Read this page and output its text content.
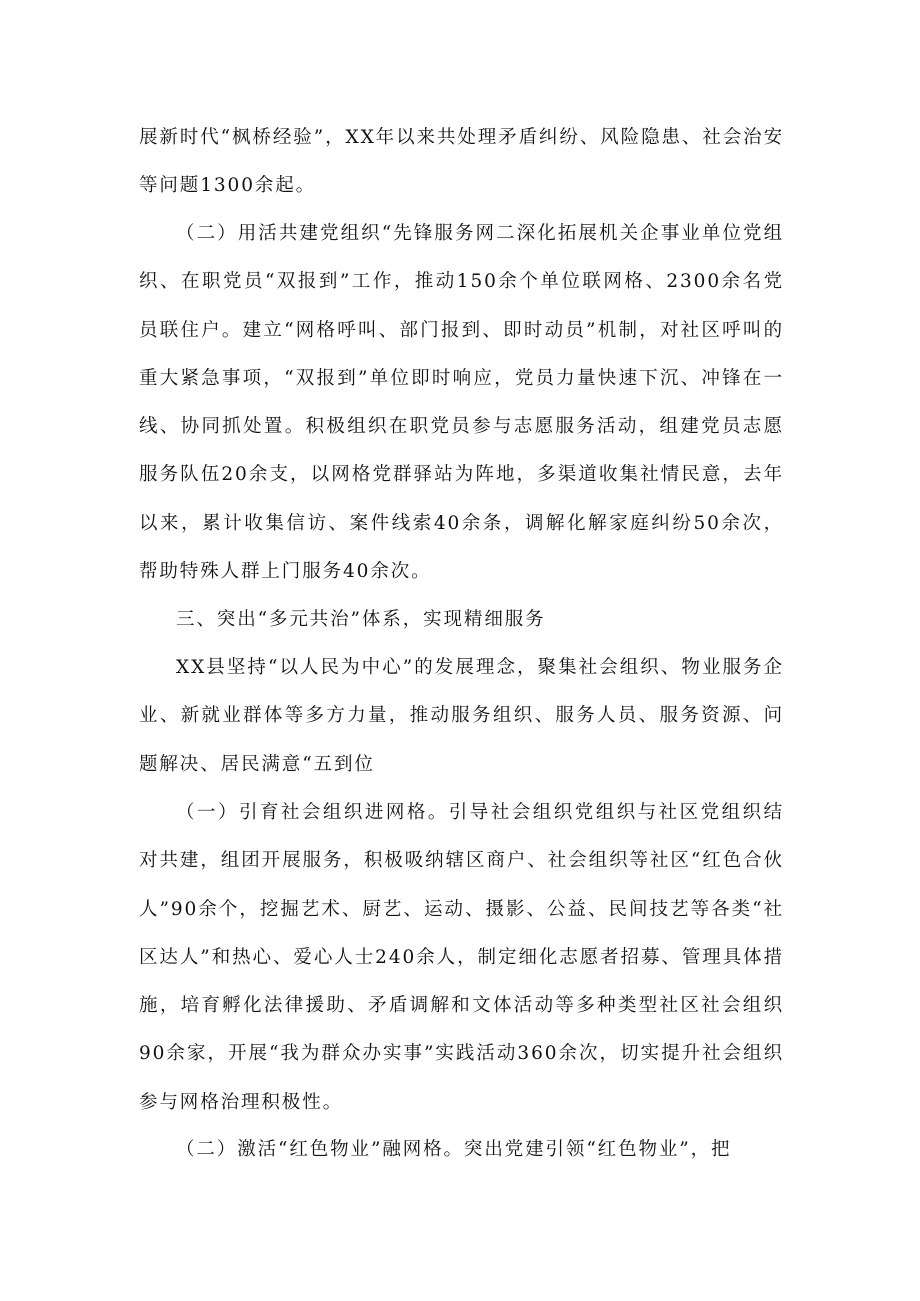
展新时代“枫桥经验”，XX年以来共处理矛盾纠纷、风险隐患、社会治安等问题1300余起。

（二）用活共建党组织“先锋服务网二深化拓展机关企事业单位党组织、在职党员“双报到”工作，推动150余个单位联网格、2300余名党员联住户。建立“网格呼叫、部门报到、即时动员”机制，对社区呼叫的重大紧急事项，“双报到”单位即时响应，党员力量快速下沉、冲锋在一线、协同抓处置。积极组织在职党员参与志愿服务活动，组建党员志愿服务队伍20余支，以网格党群驿站为阵地，多渠道收集社情民意，去年以来，累计收集信访、案件线索40余条，调解化解家庭纠纷50余次，帮助特殊人群上门服务40余次。

三、突出“多元共治”体系，实现精细服务

XX县坚持“以人民为中心”的发展理念，聚集社会组织、物业服务企业、新就业群体等多方力量，推动服务组织、服务人员、服务资源、问题解决、居民满意“五到位

（一）引育社会组织进网格。引导社会组织党组织与社区党组织结对共建，组团开展服务，积极吸纳辖区商户、社会组织等社区“红色合伙人”90余个，挖掘艺术、厨艺、运动、摄影、公益、民间技艺等各类“社区达人”和热心、爱心人士240余人，制定细化志愿者招募、管理具体措施，培育孵化法律援助、矛盾调解和文体活动等多种类型社区社会组织90余家，开展“我为群众办实事”实践活动360余次，切实提升社会组织参与网格治理积极性。

（二）激活“红色物业”融网格。突出党建引领“红色物业”，把
